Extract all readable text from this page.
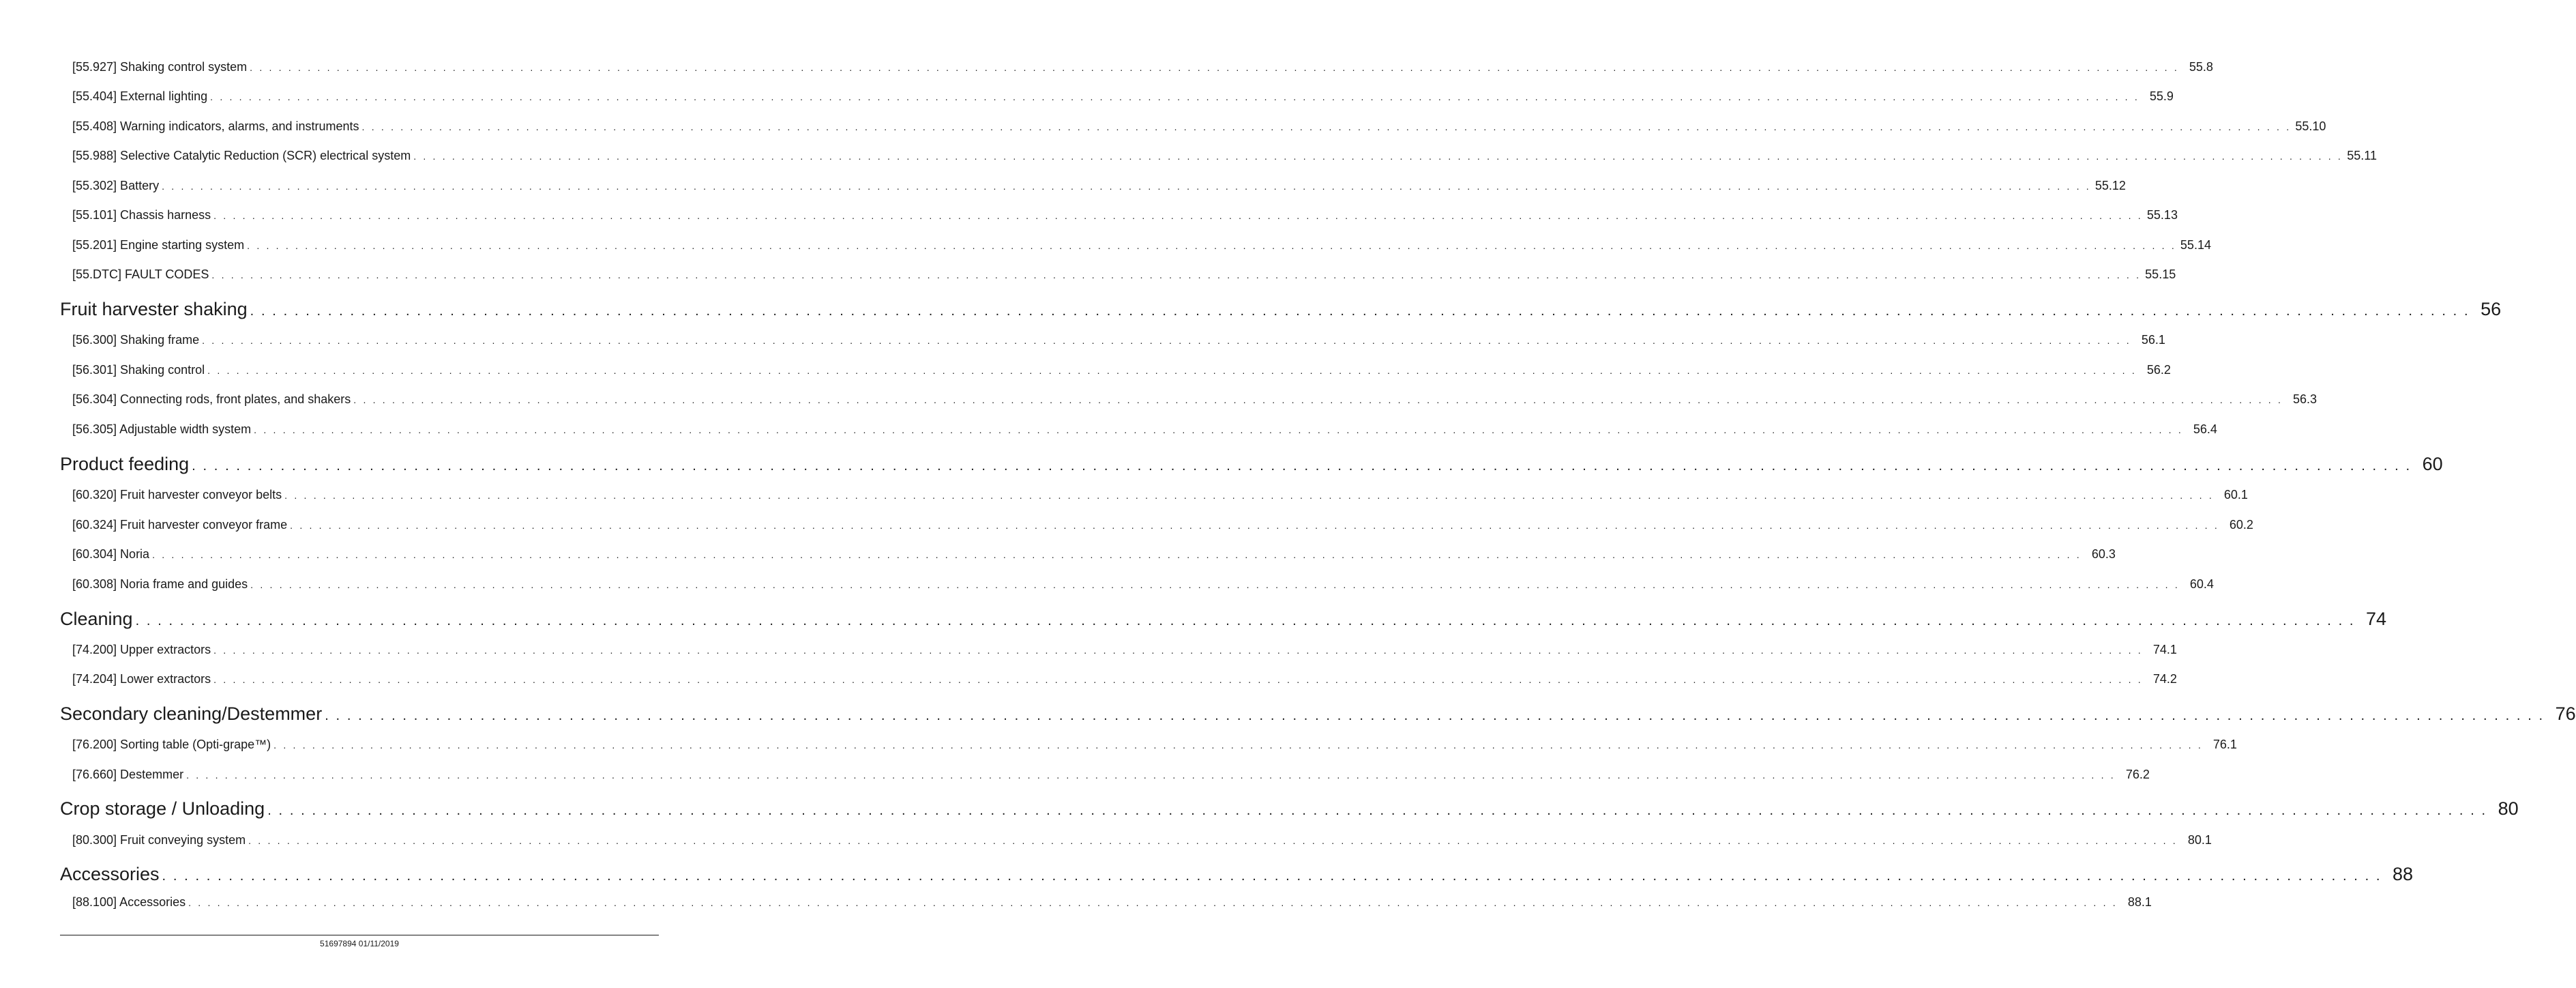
[55.927] Shaking control system . . . . . . . . . . . . . . . . . . . . . . . . . . . . . . . . . . . . . . . . . . . . . . . . . . . . . . . . . . . . . . . . . . . . . . . . . . . . . . . . . . . . . . . . . . . . . . . . . . . . . . . . . . . . . . . . . . . . . . . . . . . . . . . . . . . . . . . . . . . . . . . . . . . . . . . . . . . . . . . . . . . . . . . . . . . . . . . . . . . . . . . . . . . . . . . . . . . . . . . . 55.8
[55.404] External lighting . . . . . . . . . . . . . . . . . . . . . . . . . . . . . . . . . . . . . . . . . . . . . . . . . . . . . . . . . . . . . . . . . . . . . . . . . . . . . . . . . . . . . . . . . . . . . . . . . . . . . . . . . . . . . . . . . . . . . . . . . . . . . . . . . . . . . . . . . . . . . . . . . . . . . . . . . . . . . . . . . . . . . . . . . . . . . . . . . . . . . . . . . . . . . . . . . . . . . . . . 55.9
[55.408] Warning indicators, alarms, and instruments . . . . . . . . . . . . . . . . . . . . . . . . . . . . . . . . . . . . . . . . . . . . . . . . . . . . . . . . . . . . . . . . . . . . . . . . . . . . . . . . . . . . . . . . . . . . . . . . . . . . . . . . . . . . . . . . . . . . . . . . . . . . . . . . . . . . . . . . . . . . . . . . . . . . . . . . . . . . . . . . . . . . . . . . . . . . . . . . . . . . . . . . . . . . . . . . . . . . . . . . 55.10
[55.988] Selective Catalytic Reduction (SCR) electrical system . . . . . . . . . . . . . . . . . . . . . . . . . . . . . . . . . . . . . . . . . . . . . . . . . . . . . . . . . . . . . . . . . . . . . . . . . . . . . . . . . . . . . . . . . . . . . . . . . . . . . . . . . . . . . . . . . . . . . . . . . . . . . . . . . . . . . . . . . . . . . . . . . . . . . . . . . . . . . . . . . . . . . . . . . . . . . . . . . . . . . . . . . . . . . . . . . . . . . . . . 55.11
[55.302] Battery . . . . . . . . . . . . . . . . . . . . . . . . . . . . . . . . . . . . . . . . . . . . . . . . . . . . . . . . . . . . . . . . . . . . . . . . . . . . . . . . . . . . . . . . . . . . . . . . . . . . . . . . . . . . . . . . . . . . . . . . . . . . . . . . . . . . . . . . . . . . . . . . . . . . . . . . . . . . . . . . . . . . . . . . . . . . . . . . . . . . . . . . . . . . . . . . . . . . . . . . 55.12
[55.101] Chassis harness . . . . . . . . . . . . . . . . . . . . . . . . . . . . . . . . . . . . . . . . . . . . . . . . . . . . . . . . . . . . . . . . . . . . . . . . . . . . . . . . . . . . . . . . . . . . . . . . . . . . . . . . . . . . . . . . . . . . . . . . . . . . . . . . . . . . . . . . . . . . . . . . . . . . . . . . . . . . . . . . . . . . . . . . . . . . . . . . . . . . . . . . . . . . . . . . . . . . . . . . 55.13
[55.201] Engine starting system . . . . . . . . . . . . . . . . . . . . . . . . . . . . . . . . . . . . . . . . . . . . . . . . . . . . . . . . . . . . . . . . . . . . . . . . . . . . . . . . . . . . . . . . . . . . . . . . . . . . . . . . . . . . . . . . . . . . . . . . . . . . . . . . . . . . . . . . . . . . . . . . . . . . . . . . . . . . . . . . . . . . . . . . . . . . . . . . . . . . . . . . . . . . . . . . . . . . . . . . 55.14
[55.DTC] FAULT CODES . . . . . . . . . . . . . . . . . . . . . . . . . . . . . . . . . . . . . . . . . . . . . . . . . . . . . . . . . . . . . . . . . . . . . . . . . . . . . . . . . . . . . . . . . . . . . . . . . . . . . . . . . . . . . . . . . . . . . . . . . . . . . . . . . . . . . . . . . . . . . . . . . . . . . . . . . . . . . . . . . . . . . . . . . . . . . . . . . . . . . . . . . . . . . . . . . . . . . . . . 55.15
Fruit harvester shaking . . . . . . . . . . . . . . . . . . . . . . . . . . . . . . . . . . . . . . . . . . . . . . . . . . . . . . . . . . . . . . . . . . . . . . . . . . . . . . . . . . . . . . . . . . . . . . . . . . . . . . . . . . . . . . . . . . . . . . . . . . . . . . . . . . . . . . . . . . . . . . . . . . . . . . . . . . . . . . . . . . . . . . . . . . . . . . . . . . . . . . . . . . . . . . . . . . . . . . . . 56
[56.300] Shaking frame . . . . . . . . . . . . . . . . . . . . . . . . . . . . . . . . . . . . . . . . . . . . . . . . . . . . . . . . . . . . . . . . . . . . . . . . . . . . . . . . . . . . . . . . . . . . . . . . . . . . . . . . . . . . . . . . . . . . . . . . . . . . . . . . . . . . . . . . . . . . . . . . . . . . . . . . . . . . . . . . . . . . . . . . . . . . . . . . . . . . . . . . . . . . . . . . . . . . . . . . 56.1
[56.301] Shaking control . . . . . . . . . . . . . . . . . . . . . . . . . . . . . . . . . . . . . . . . . . . . . . . . . . . . . . . . . . . . . . . . . . . . . . . . . . . . . . . . . . . . . . . . . . . . . . . . . . . . . . . . . . . . . . . . . . . . . . . . . . . . . . . . . . . . . . . . . . . . . . . . . . . . . . . . . . . . . . . . . . . . . . . . . . . . . . . . . . . . . . . . . . . . . . . . . . . . . . . . 56.2
[56.304] Connecting rods, front plates, and shakers . . . . . . . . . . . . . . . . . . . . . . . . . . . . . . . . . . . . . . . . . . . . . . . . . . . . . . . . . . . . . . . . . . . . . . . . . . . . . . . . . . . . . . . . . . . . . . . . . . . . . . . . . . . . . . . . . . . . . . . . . . . . . . . . . . . . . . . . . . . . . . . . . . . . . . . . . . . . . . . . . . . . . . . . . . . . . . . . . . . . . . . . . . . . . . . . . . . . . . . . 56.3
[56.305] Adjustable width system . . . . . . . . . . . . . . . . . . . . . . . . . . . . . . . . . . . . . . . . . . . . . . . . . . . . . . . . . . . . . . . . . . . . . . . . . . . . . . . . . . . . . . . . . . . . . . . . . . . . . . . . . . . . . . . . . . . . . . . . . . . . . . . . . . . . . . . . . . . . . . . . . . . . . . . . . . . . . . . . . . . . . . . . . . . . . . . . . . . . . . . . . . . . . . . . . . . . . . . . 56.4
Product feeding . . . . . . . . . . . . . . . . . . . . . . . . . . . . . . . . . . . . . . . . . . . . . . . . . . . . . . . . . . . . . . . . . . . . . . . . . . . . . . . . . . . . . . . . . . . . . . . . . . . . . . . . . . . . . . . . . . . . . . . . . . . . . . . . . . . . . . . . . . . . . . . . . . . . . . . . . . . . . . . . . . . . . . . . . . . . . . . . . . . . . . . . . . . . . . . . . . . . . . . . 60
[60.320] Fruit harvester conveyor belts . . . . . . . . . . . . . . . . . . . . . . . . . . . . . . . . . . . . . . . . . . . . . . . . . . . . . . . . . . . . . . . . . . . . . . . . . . . . . . . . . . . . . . . . . . . . . . . . . . . . . . . . . . . . . . . . . . . . . . . . . . . . . . . . . . . . . . . . . . . . . . . . . . . . . . . . . . . . . . . . . . . . . . . . . . . . . . . . . . . . . . . . . . . . . . . . . . . . . . . . 60.1
[60.324] Fruit harvester conveyor frame . . . . . . . . . . . . . . . . . . . . . . . . . . . . . . . . . . . . . . . . . . . . . . . . . . . . . . . . . . . . . . . . . . . . . . . . . . . . . . . . . . . . . . . . . . . . . . . . . . . . . . . . . . . . . . . . . . . . . . . . . . . . . . . . . . . . . . . . . . . . . . . . . . . . . . . . . . . . . . . . . . . . . . . . . . . . . . . . . . . . . . . . . . . . . . . . . . . . . . . . 60.2
[60.304] Noria . . . . . . . . . . . . . . . . . . . . . . . . . . . . . . . . . . . . . . . . . . . . . . . . . . . . . . . . . . . . . . . . . . . . . . . . . . . . . . . . . . . . . . . . . . . . . . . . . . . . . . . . . . . . . . . . . . . . . . . . . . . . . . . . . . . . . . . . . . . . . . . . . . . . . . . . . . . . . . . . . . . . . . . . . . . . . . . . . . . . . . . . . . . . . . . . . . . . . . . . 60.3
[60.308] Noria frame and guides . . . . . . . . . . . . . . . . . . . . . . . . . . . . . . . . . . . . . . . . . . . . . . . . . . . . . . . . . . . . . . . . . . . . . . . . . . . . . . . . . . . . . . . . . . . . . . . . . . . . . . . . . . . . . . . . . . . . . . . . . . . . . . . . . . . . . . . . . . . . . . . . . . . . . . . . . . . . . . . . . . . . . . . . . . . . . . . . . . . . . . . . . . . . . . . . . . . . . . . . 60.4
Cleaning . . . . . . . . . . . . . . . . . . . . . . . . . . . . . . . . . . . . . . . . . . . . . . . . . . . . . . . . . . . . . . . . . . . . . . . . . . . . . . . . . . . . . . . . . . . . . . . . . . . . . . . . . . . . . . . . . . . . . . . . . . . . . . . . . . . . . . . . . . . . . . . . . . . . . . . . . . . . . . . . . . . . . . . . . . . . . . . . . . . . . . . . . . . . . . . . . . . . . . . . 74
[74.200] Upper extractors . . . . . . . . . . . . . . . . . . . . . . . . . . . . . . . . . . . . . . . . . . . . . . . . . . . . . . . . . . . . . . . . . . . . . . . . . . . . . . . . . . . . . . . . . . . . . . . . . . . . . . . . . . . . . . . . . . . . . . . . . . . . . . . . . . . . . . . . . . . . . . . . . . . . . . . . . . . . . . . . . . . . . . . . . . . . . . . . . . . . . . . . . . . . . . . . . . . . . . . . 74.1
[74.204] Lower extractors . . . . . . . . . . . . . . . . . . . . . . . . . . . . . . . . . . . . . . . . . . . . . . . . . . . . . . . . . . . . . . . . . . . . . . . . . . . . . . . . . . . . . . . . . . . . . . . . . . . . . . . . . . . . . . . . . . . . . . . . . . . . . . . . . . . . . . . . . . . . . . . . . . . . . . . . . . . . . . . . . . . . . . . . . . . . . . . . . . . . . . . . . . . . . . . . . . . . . . . . 74.2
Secondary cleaning/Destemmer . . . . . . . . . . . . . . . . . . . . . . . . . . . . . . . . . . . . . . . . . . . . . . . . . . . . . . . . . . . . . . . . . . . . . . . . . . . . . . . . . . . . . . . . . . . . . . . . . . . . . . . . . . . . . . . . . . . . . . . . . . . . . . . . . . . . . . . . . . . . . . . . . . . . . . . . . . . . . . . . . . . . . . . . . . . . . . . . . . . . . . . . . . . . . . . . . . . . . . . . 76
[76.200] Sorting table (Opti-grape™) . . . . . . . . . . . . . . . . . . . . . . . . . . . . . . . . . . . . . . . . . . . . . . . . . . . . . . . . . . . . . . . . . . . . . . . . . . . . . . . . . . . . . . . . . . . . . . . . . . . . . . . . . . . . . . . . . . . . . . . . . . . . . . . . . . . . . . . . . . . . . . . . . . . . . . . . . . . . . . . . . . . . . . . . . . . . . . . . . . . . . . . . . . . . . . . . . . . . . . . . 76.1
[76.660] Destemmer . . . . . . . . . . . . . . . . . . . . . . . . . . . . . . . . . . . . . . . . . . . . . . . . . . . . . . . . . . . . . . . . . . . . . . . . . . . . . . . . . . . . . . . . . . . . . . . . . . . . . . . . . . . . . . . . . . . . . . . . . . . . . . . . . . . . . . . . . . . . . . . . . . . . . . . . . . . . . . . . . . . . . . . . . . . . . . . . . . . . . . . . . . . . . . . . . . . . . . . . 76.2
Crop storage / Unloading . . . . . . . . . . . . . . . . . . . . . . . . . . . . . . . . . . . . . . . . . . . . . . . . . . . . . . . . . . . . . . . . . . . . . . . . . . . . . . . . . . . . . . . . . . . . . . . . . . . . . . . . . . . . . . . . . . . . . . . . . . . . . . . . . . . . . . . . . . . . . . . . . . . . . . . . . . . . . . . . . . . . . . . . . . . . . . . . . . . . . . . . . . . . . . . . . . . . . . . . 80
[80.300] Fruit conveying system . . . . . . . . . . . . . . . . . . . . . . . . . . . . . . . . . . . . . . . . . . . . . . . . . . . . . . . . . . . . . . . . . . . . . . . . . . . . . . . . . . . . . . . . . . . . . . . . . . . . . . . . . . . . . . . . . . . . . . . . . . . . . . . . . . . . . . . . . . . . . . . . . . . . . . . . . . . . . . . . . . . . . . . . . . . . . . . . . . . . . . . . . . . . . . . . . . . . . . . . 80.1
Accessories . . . . . . . . . . . . . . . . . . . . . . . . . . . . . . . . . . . . . . . . . . . . . . . . . . . . . . . . . . . . . . . . . . . . . . . . . . . . . . . . . . . . . . . . . . . . . . . . . . . . . . . . . . . . . . . . . . . . . . . . . . . . . . . . . . . . . . . . . . . . . . . . . . . . . . . . . . . . . . . . . . . . . . . . . . . . . . . . . . . . . . . . . . . . . . . . . . . . . . . . 88
[88.100] Accessories . . . . . . . . . . . . . . . . . . . . . . . . . . . . . . . . . . . . . . . . . . . . . . . . . . . . . . . . . . . . . . . . . . . . . . . . . . . . . . . . . . . . . . . . . . . . . . . . . . . . . . . . . . . . . . . . . . . . . . . . . . . . . . . . . . . . . . . . . . . . . . . . . . . . . . . . . . . . . . . . . . . . . . . . . . . . . . . . . . . . . . . . . . . . . . . . . . . . . . . . 88.1
51697894 01/11/2019
